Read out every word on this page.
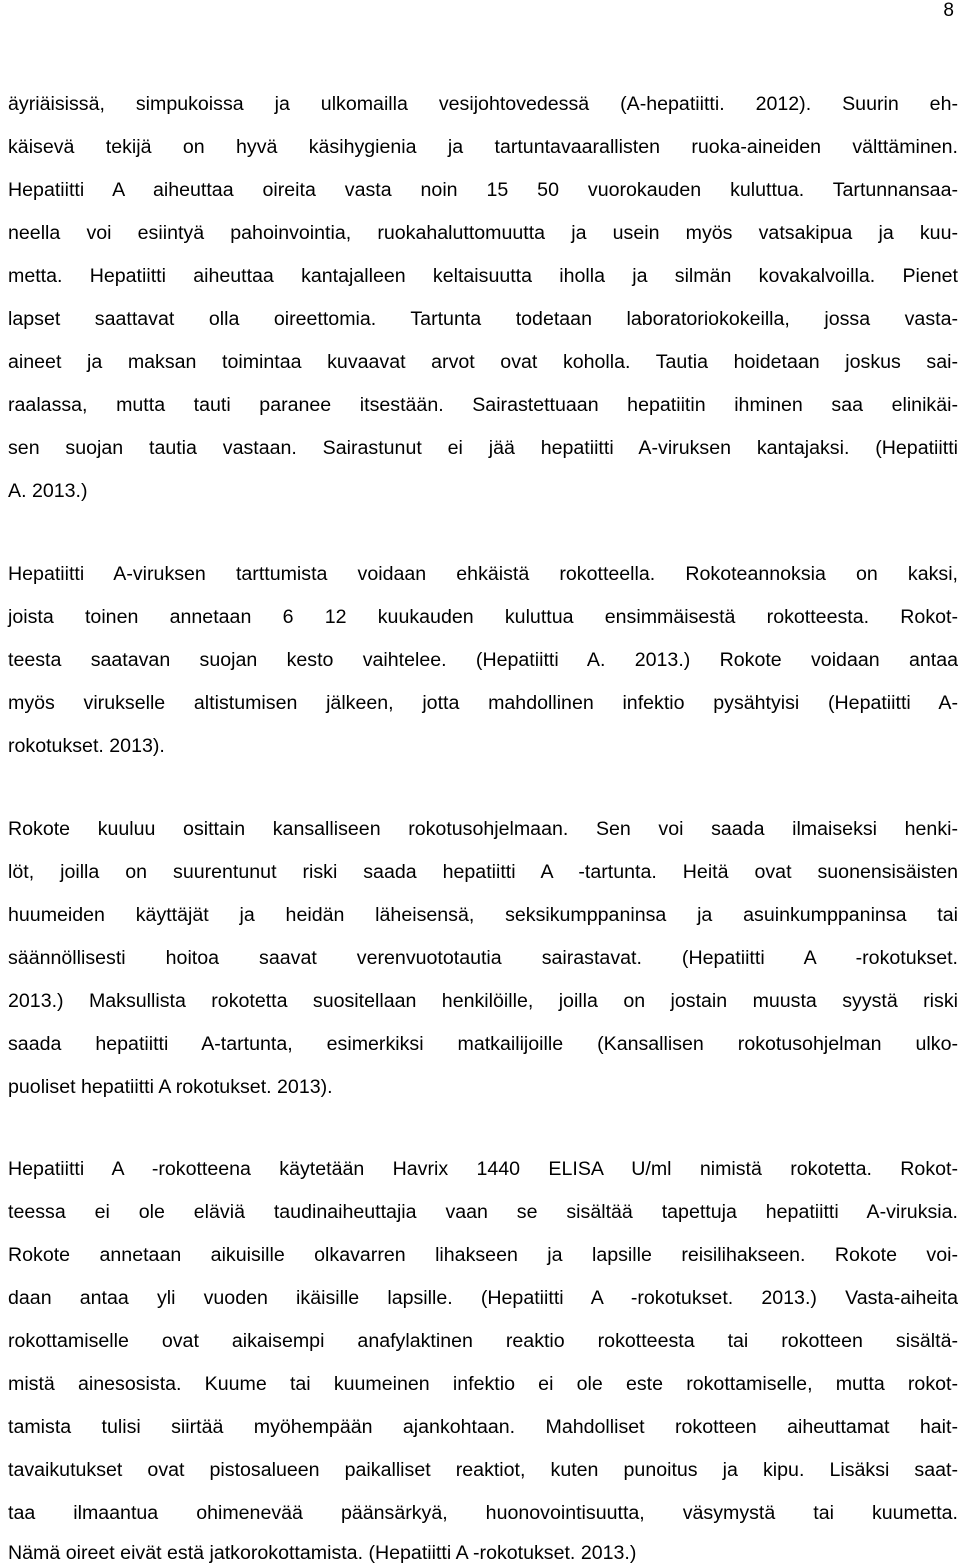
8
äyriäisissä, simpukoissa ja ulkomailla vesijohtovedessä (A-hepatiitti. 2012). Suurin eh-
käisevä tekijä on hyvä käsihygienia ja tartuntavaarallisten ruoka-aineiden välttäminen.
Hepatiitti A aiheuttaa oireita vasta noin 15 50 vuorokauden kuluttua. Tartunnansaa-
neella voi esiintyä pahoinvointia, ruokahaluttomuutta ja usein myös vatsakipua ja kuu-
metta. Hepatiitti aiheuttaa kantajalleen keltaisuutta iholla ja silmän kovakalvoilla. Pienet
lapset saattavat olla oireettomia. Tartunta todetaan laboratoriokokeilla, jossa vasta-
aineet ja maksan toimintaa kuvaavat arvot ovat koholla. Tautia hoidetaan joskus sai-
raalassa, mutta tauti paranee itsestään. Sairastettuaan hepatiitin ihminen saa elinikäi-
sen suojan tautia vastaan. Sairastunut ei jää hepatiitti A-viruksen kantajaksi. (Hepatiitti
A. 2013.)
Hepatiitti A-viruksen tarttumista voidaan ehkäistä rokotteella. Rokoteannoksia on kaksi,
joista toinen annetaan 6 12 kuukauden kuluttua ensimmäisestä rokotteesta. Rokot-
teesta saatavan suojan kesto vaihtelee. (Hepatiitti A. 2013.) Rokote voidaan antaa
myös virukselle altistumisen jälkeen, jotta mahdollinen infektio pysähtyisi (Hepatiitti A-
rokotukset. 2013).
Rokote kuuluu osittain kansalliseen rokotusohjelmaan. Sen voi saada ilmaiseksi henki-
löt, joilla on suurentunut riski saada hepatiitti A -tartunta. Heitä ovat suonensisäisten
huumeiden käyttäjät ja heidän läheisensä, seksikumppaninsa ja asuinkumppaninsa tai
säännöllisesti hoitoa saavat verenvuototautia sairastavat. (Hepatiitti A -rokotukset.
2013.) Maksullista rokotetta suositellaan henkilöille, joilla on jostain muusta syystä riski
saada hepatiitti A-tartunta, esimerkiksi matkailijoille (Kansallisen rokotusohjelman ulko-
puoliset hepatiitti A rokotukset. 2013).
Hepatiitti A -rokotteena käytetään Havrix 1440 ELISA U/ml nimistä rokotetta. Rokot-
teessa ei ole eläviä taudinaiheuttajia vaan se sisältää tapettuja hepatiitti A-viruksia.
Rokote annetaan aikuisille olkavarren lihakseen ja lapsille reisilihakseen. Rokote voi-
daan antaa yli vuoden ikäisille lapsille. (Hepatiitti A -rokotukset. 2013.) Vasta-aiheita
rokottamiselle ovat aikaisempi anafylaktinen reaktio rokotteesta tai rokotteen sisältä-
mistä ainesosista. Kuume tai kuumeinen infektio ei ole este rokottamiselle, mutta rokot-
tamista tulisi siirtää myöhempään ajankohtaan. Mahdolliset rokotteen aiheuttamat hait-
tavaikutukset ovat pistosalueen paikalliset reaktiot, kuten punoitus ja kipu. Lisäksi saat-
taa ilmaantua ohimenevää päänsärkyä, huonovointisuutta, väsymystä tai kuumetta.
Nämä oireet eivät estä jatkorokottamista. (Hepatiitti A -rokotukset. 2013.)
